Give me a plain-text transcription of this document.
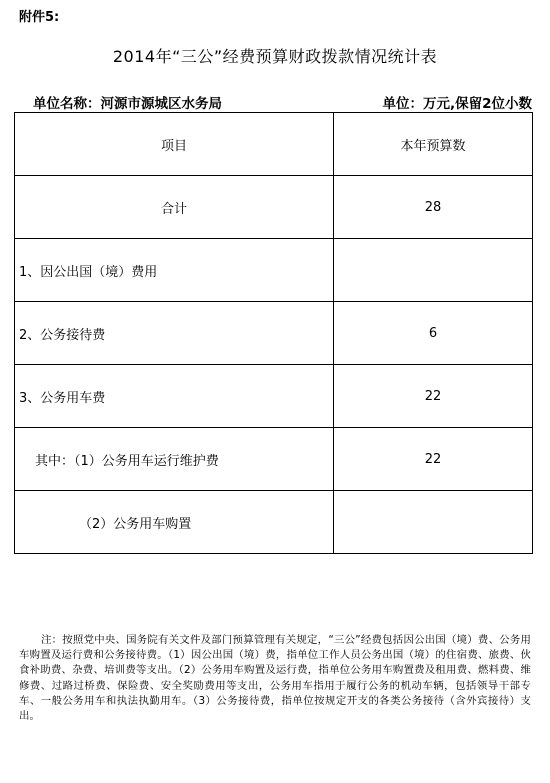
附件5:
2014年“三公”经费预算财政拨款情况统计表
单位名称：河源市源城区水务局	单位：万元,保留2位小数
项目	本年预算数
合计	28
1、因公出国（境）费用	
2、公务接待费	6
3、公务用车费	22
其中：（1）公务用车运行维护费	22
（2）公务用车购置	
注：按照党中央、国务院有关文件及部门预算管理有关规定，“三公”经费包括因公出国（境）费、公务用车购置及运行费和公务接待费。（1）因公出国（境）费，指单位工作人员公务出国（境）的住宿费、旅费、伙食补助费、杂费、培训费等支出。（2）公务用车购置及运行费，指单位公务用车购置费及租用费、燃料费、维修费、过路过桥费、保险费、安全奖励费用等支出，公务用车指用于履行公务的机动车辆，包括领导干部专车、一般公务用车和执法执勤用车。（3）公务接待费，指单位按规定开支的各类公务接待（含外宾接待）支出。
